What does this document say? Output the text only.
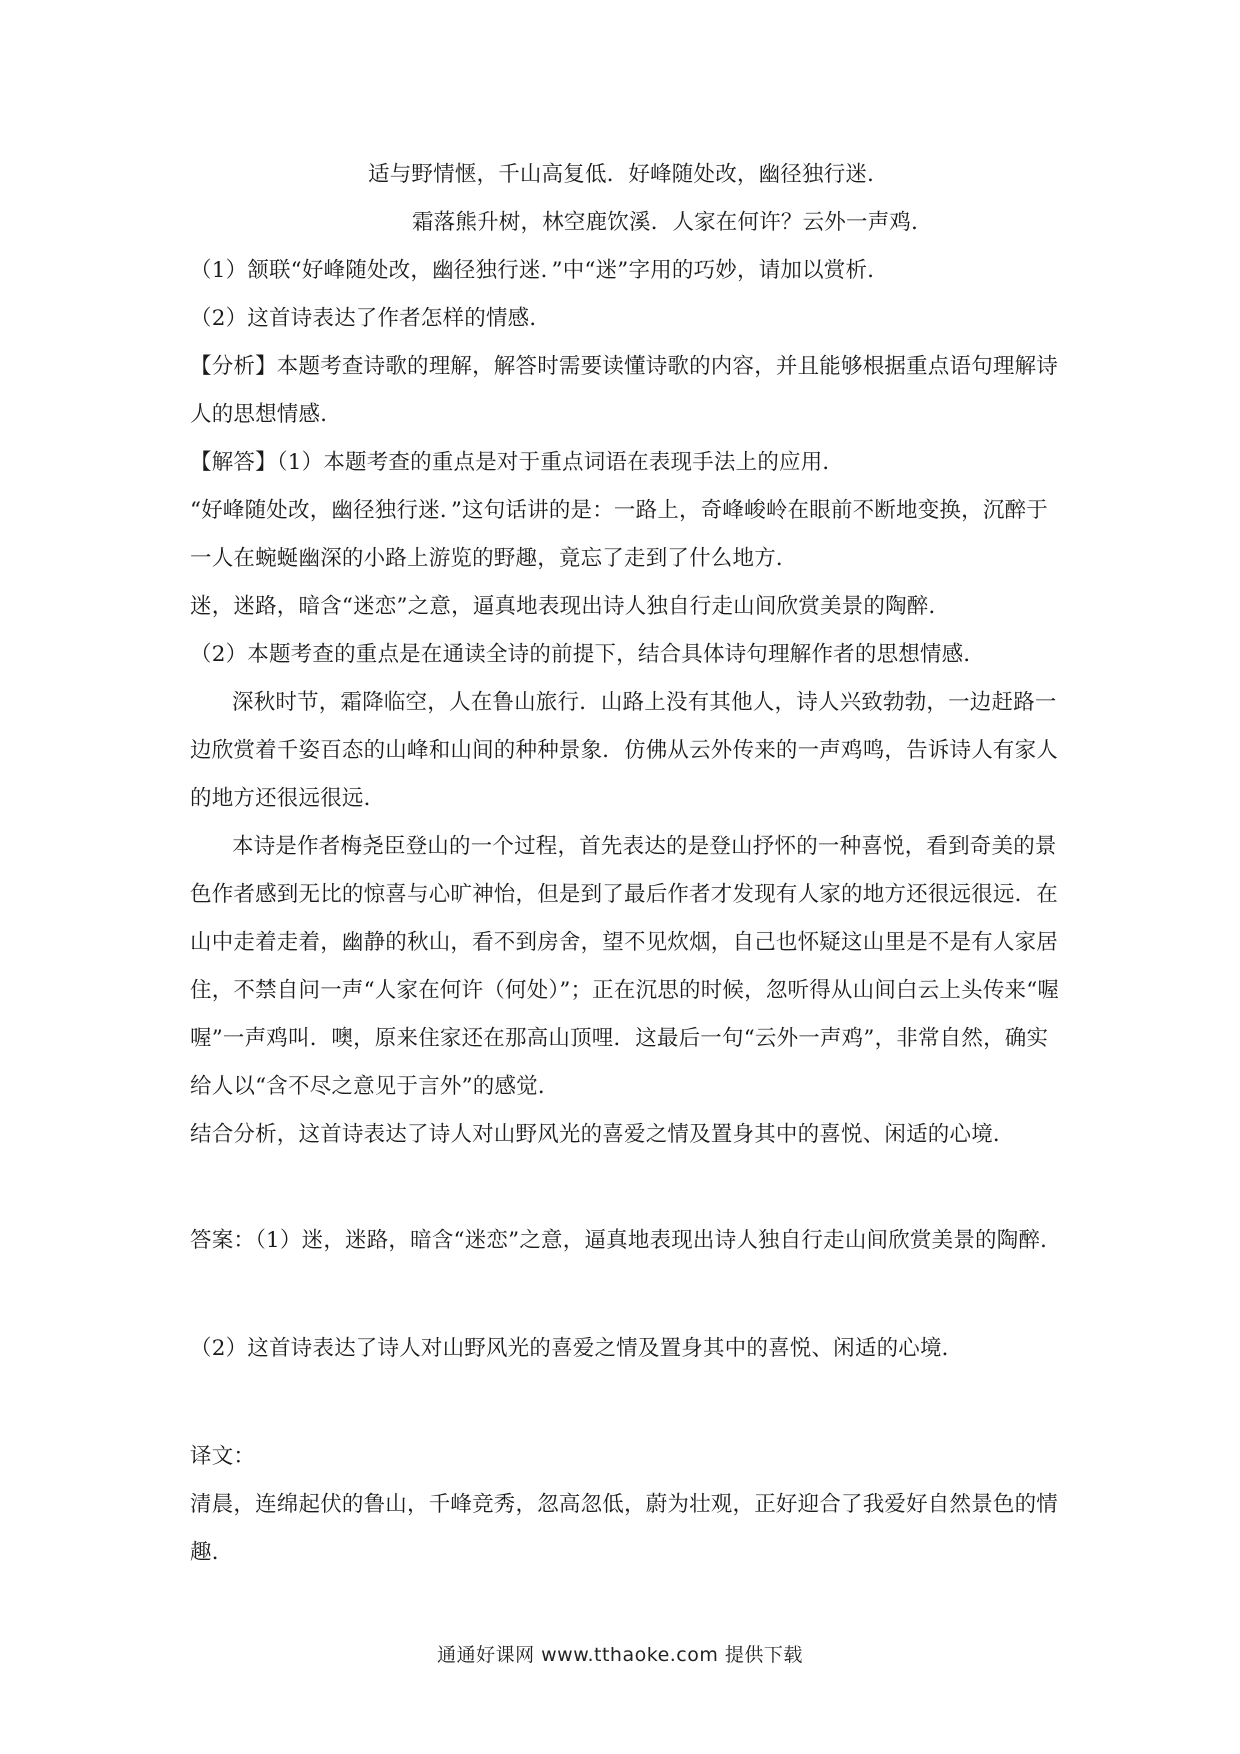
适与野情惬，千山高复低．好峰随处改，幽径独行迷．
霜落熊升树，林空鹿饮溪．人家在何许？云外一声鸡．
（1）颔联“好峰随处改，幽径独行迷．”中“迷”字用的巧妙，请加以赏析．
（2）这首诗表达了作者怎样的情感．
【分析】本题考查诗歌的理解，解答时需要读懂诗歌的内容，并且能够根据重点语句理解诗
人的思想情感．
【解答】（1）本题考查的重点是对于重点词语在表现手法上的应用．
“好峰随处改，幽径独行迷．”这句话讲的是：一路上，奇峰峻岭在眼前不断地变换，沉醉于
一人在蜿蜒幽深的小路上游览的野趣，竟忘了走到了什么地方．
迷，迷路，暗含“迷恋”之意，逼真地表现出诗人独自行走山间欣赏美景的陶醉．
（2）本题考查的重点是在通读全诗的前提下，结合具体诗句理解作者的思想情感．
深秋时节，霜降临空，人在鲁山旅行．山路上没有其他人，诗人兴致勃勃，一边赶路一
边欣赏着千姿百态的山峰和山间的种种景象．仿佛从云外传来的一声鸡鸣，告诉诗人有家人
的地方还很远很远．
本诗是作者梅尧臣登山的一个过程，首先表达的是登山抒怀的一种喜悦，看到奇美的景
色作者感到无比的惊喜与心旷神怡，但是到了最后作者才发现有人家的地方还很远很远．在
山中走着走着，幽静的秋山，看不到房舍，望不见炊烟，自己也怀疑这山里是不是有人家居
住，不禁自问一声“人家在何许（何处）”；正在沉思的时候，忽听得从山间白云上头传来“喔
喔”一声鸡叫．噢，原来住家还在那高山顶哩．这最后一句“云外一声鸡”，非常自然，确实
给人以“含不尽之意见于言外”的感觉．
结合分析，这首诗表达了诗人对山野风光的喜爱之情及置身其中的喜悦、闲适的心境．
答案：（1）迷，迷路，暗含“迷恋”之意，逼真地表现出诗人独自行走山间欣赏美景的陶醉．
（2）这首诗表达了诗人对山野风光的喜爱之情及置身其中的喜悦、闲适的心境．
译文：
清晨，连绵起伏的鲁山，千峰竞秀，忽高忽低，蔚为壮观，正好迎合了我爱好自然景色的情
趣．
通通好课网 www.tthaoke.com 提供下载
